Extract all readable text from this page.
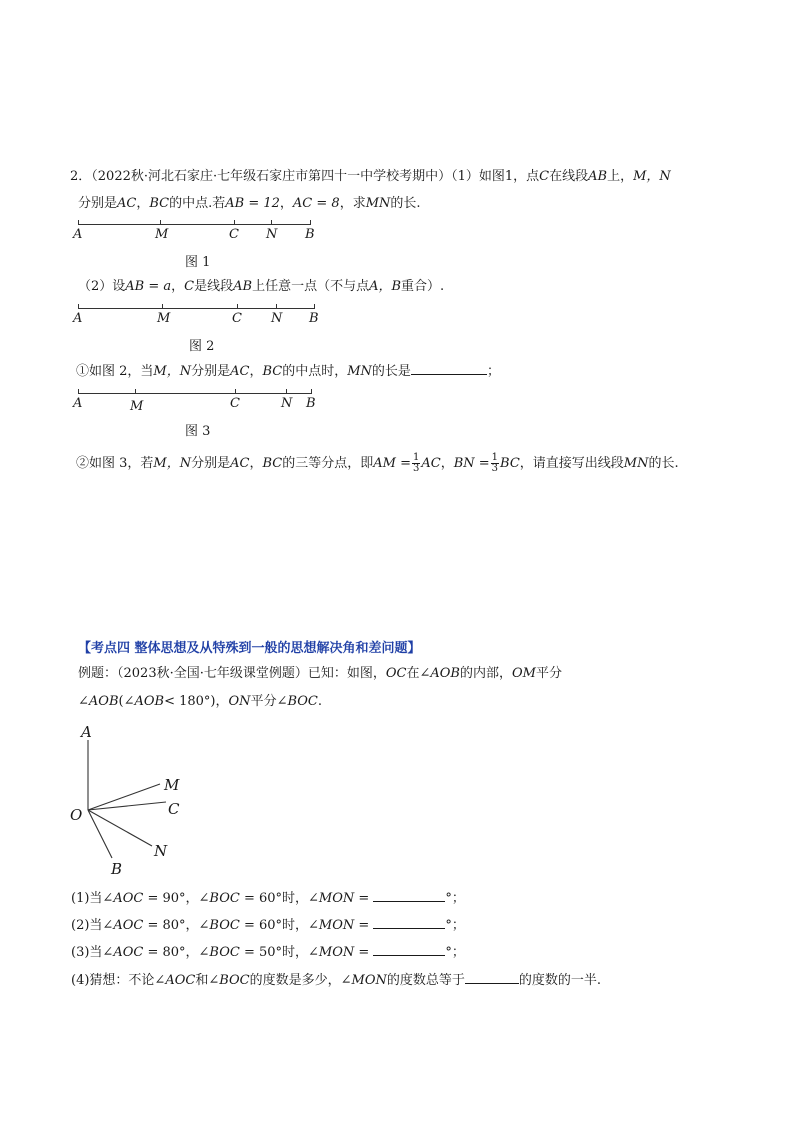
2．（2022秋·河北石家庄·七年级石家庄市第四十一中学校考期中）（1）如图1，点C在线段AB上，M，N
分别是AC，BC的中点.若AB = 12，AC = 8，求MN的长.
A	M	C N B
图 1
（2）设AB = a，C是线段AB上任意一点（不与点A，B重合）.
A	M	C N B
图 2
①如图 2，当M，N分别是AC，BC的中点时，MN的长是	；
A	M	C	N B
图 3
②如图 3，若M，N分别是AC，BC的三等分点，即AM = $\frac{1}{3}$ AC，BN = $\frac{1}{3}$ BC，请直接写出线段MN的长.
【考点四 整体思想及从特殊到一般的思想解决角和差问题】
例题：（2023秋·全国·七年级课堂例题）已知：如图，OC在∠AOB的内部，OM平分
∠AOB(∠AOB< 180°)，ON平分∠BOC.
A
M
C
O
N
B
(1)当∠AOC = 90°，∠BOC = 60°时，∠MON =	°；
(2)当∠AOC = 80°，∠BOC = 60°时，∠MON =	°；
(3)当∠AOC = 80°，∠BOC = 50°时，∠MON =	°；
(4)猜想：不论∠AOC和∠BOC的度数是多少，∠MON的度数总等于	的度数的一半.
